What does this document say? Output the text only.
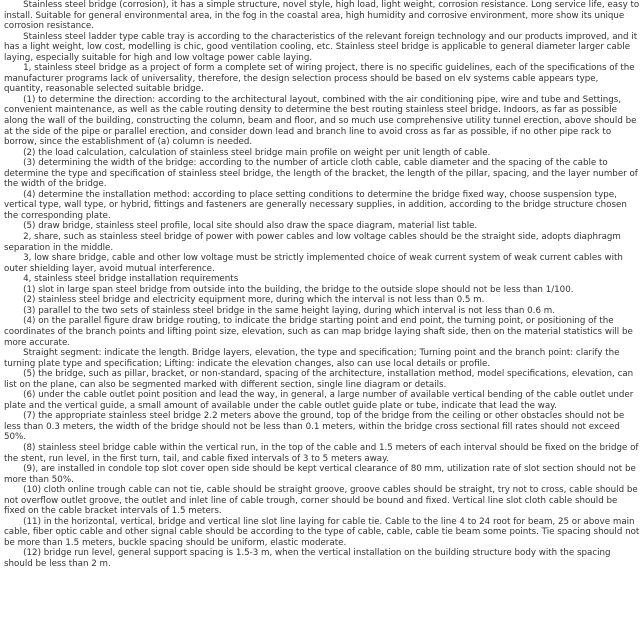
Stainless steel bridge (corrosion), it has a simple structure, novel style, high load, light weight, corrosion resistance. Long service life, easy to install. Suitable for general environmental area, in the fog in the coastal area, high humidity and corrosive environment, more show its unique corrosion resistance.

Stainless steel ladder type cable tray is according to the characteristics of the relevant foreign technology and our products improved, and it has a light weight, low cost, modelling is chic, good ventilation cooling, etc. Stainless steel bridge is applicable to general diameter larger cable laying, especially suitable for high and low voltage power cable laying.

1, stainless steel bridge as a project of form a complete set of wiring project, there is no specific guidelines, each of the specifications of the manufacturer programs lack of universality, therefore, the design selection process should be based on elv systems cable appears type, quantity, reasonable selected suitable bridge.

(1) to determine the direction: according to the architectural layout, combined with the air conditioning pipe, wire and tube and Settings, convenient maintenance, as well as the cable routing density to determine the best routing stainless steel bridge. Indoors, as far as possible along the wall of the building, constructing the column, beam and floor, and so much use comprehensive utility tunnel erection, above should be at the side of the pipe or parallel erection, and consider down lead and branch line to avoid cross as far as possible, if no other pipe rack to borrow, since the establishment of (a) column is needed.

(2) the load calculation, calculation of stainless steel bridge main profile on weight per unit length of cable.

(3) determining the width of the bridge: according to the number of article cloth cable, cable diameter and the spacing of the cable to determine the type and specification of stainless steel bridge, the length of the bracket, the length of the pillar, spacing, and the layer number of the width of the bridge.

(4) determine the installation method: according to place setting conditions to determine the bridge fixed way, choose suspension type, vertical type, wall type, or hybrid, fittings and fasteners are generally necessary supplies, in addition, according to the bridge structure chosen the corresponding plate.

(5) draw bridge, stainless steel profile, local site should also draw the space diagram, material list table.

2, share, such as stainless steel bridge of power with power cables and low voltage cables should be the straight side, adopts diaphragm separation in the middle.

3, low share bridge, cable and other low voltage must be strictly implemented choice of weak current system of weak current cables with outer shielding layer, avoid mutual interference.

4, stainless steel bridge installation requirements

(1) slot in large span steel bridge from outside into the building, the bridge to the outside slope should not be less than 1/100.

(2) stainless steel bridge and electricity equipment more, during which the interval is not less than 0.5 m.

(3) parallel to the two sets of stainless steel bridge in the same height laying, during which interval is not less than 0.6 m.

(4) on the parallel figure draw bridge routing, to indicate the bridge starting point and end point, the turning point, or positioning of the coordinates of the branch points and lifting point size, elevation, such as can map bridge laying shaft side, then on the material statistics will be more accurate.

Straight segment: indicate the length. Bridge layers, elevation, the type and specification; Turning point and the branch point: clarify the turning plate type and specification; Lifting: indicate the elevation changes, also can use local details or profile.

(5) the bridge, such as pillar, bracket, or non-standard, spacing of the architecture, installation method, model specifications, elevation, can list on the plane, can also be segmented marked with different section, single line diagram or details.

(6) under the cable outlet point position and lead the way, in general, a large number of available vertical bending of the cable outlet under plate and the vertical guide, a small amount of available under the cable outlet guide plate or tube, indicate that lead the way.

(7) the appropriate stainless steel bridge 2.2 meters above the ground, top of the bridge from the ceiling or other obstacles should not be less than 0.3 meters, the width of the bridge should not be less than 0.1 meters, within the bridge cross sectional fill rates should not exceed 50%.

(8) stainless steel bridge cable within the vertical run, in the top of the cable and 1.5 meters of each interval should be fixed on the bridge of the stent, run level, in the first turn, tail, and cable fixed intervals of 3 to 5 meters away.

(9), are installed in condole top slot cover open side should be kept vertical clearance of 80 mm, utilization rate of slot section should not be more than 50%.

(10) cloth online trough cable can not tie, cable should be straight groove, groove cables should be straight, try not to cross, cable should be not overflow outlet groove, the outlet and inlet line of cable trough, corner should be bound and fixed. Vertical line slot cloth cable should be fixed on the cable bracket intervals of 1.5 meters.

(11) in the horizontal, vertical, bridge and vertical line slot line laying for cable tie. Cable to the line 4 to 24 root for beam, 25 or above main cable, fiber optic cable and other signal cable should be according to the type of cable, cable, cable tie beam some points. Tie spacing should not be more than 1.5 meters, buckle spacing should be uniform, elastic moderate.

(12) bridge run level, general support spacing is 1.5-3 m, when the vertical installation on the building structure body with the spacing should be less than 2 m.
